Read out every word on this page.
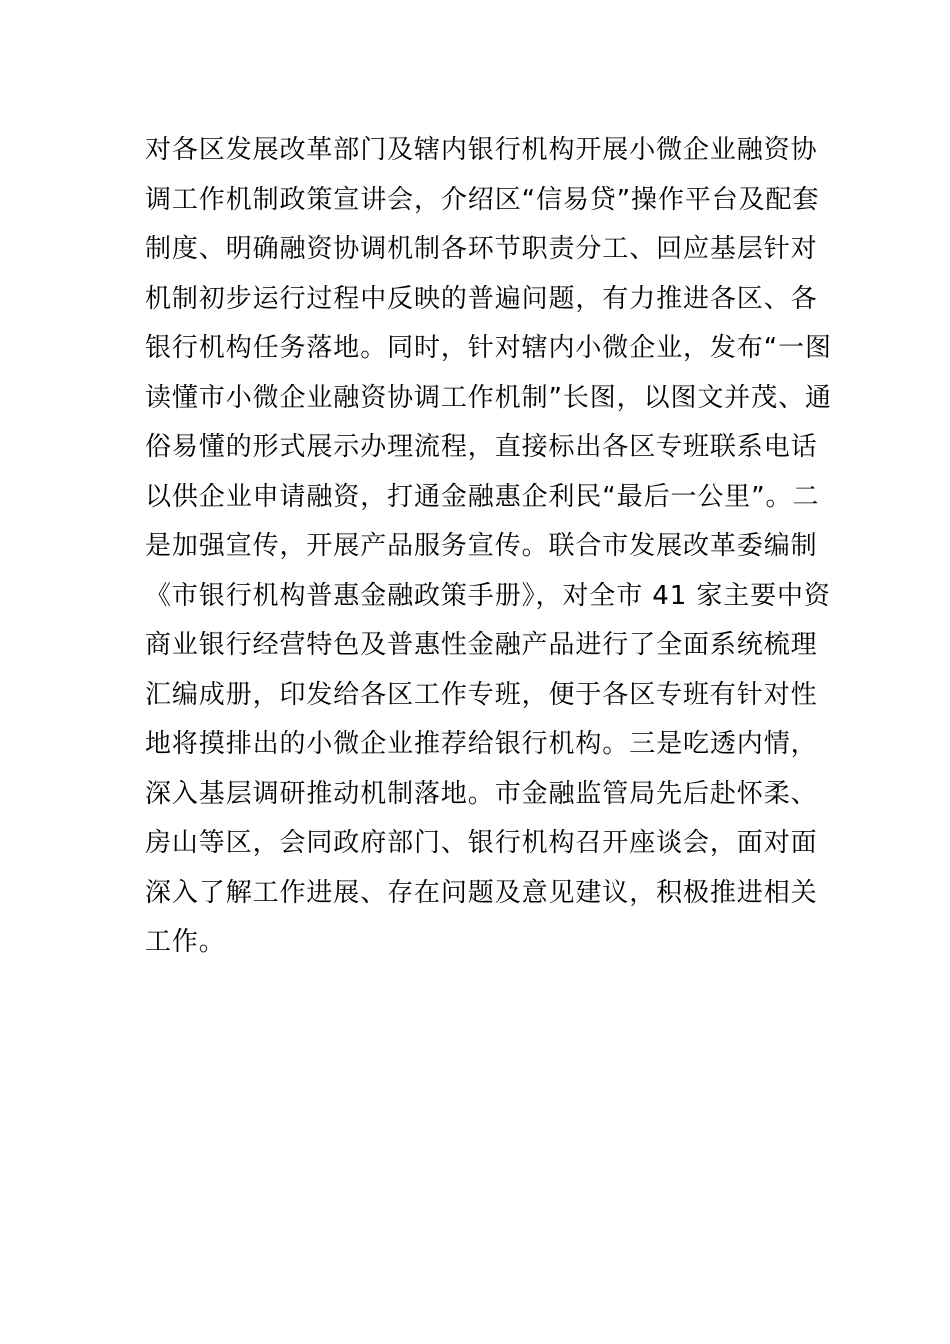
对各区发展改革部门及辖内银行机构开展小微企业融资协
调工作机制政策宣讲会，介绍区“信易贷”操作平台及配套
制度、明确融资协调机制各环节职责分工、回应基层针对
机制初步运行过程中反映的普遍问题，有力推进各区、各
银行机构任务落地。同时，针对辖内小微企业，发布“一图
读懂市小微企业融资协调工作机制”长图，以图文并茂、通
俗易懂的形式展示办理流程，直接标出各区专班联系电话
以供企业申请融资，打通金融惠企利民“最后一公里”。二
是加强宣传，开展产品服务宣传。联合市发展改革委编制
《市银行机构普惠金融政策手册》，对全市 41 家主要中资
商业银行经营特色及普惠性金融产品进行了全面系统梳理
汇编成册，印发给各区工作专班，便于各区专班有针对性
地将摸排出的小微企业推荐给银行机构。三是吃透内情，
深入基层调研推动机制落地。市金融监管局先后赴怀柔、
房山等区，会同政府部门、银行机构召开座谈会，面对面
深入了解工作进展、存在问题及意见建议，积极推进相关
工作。
